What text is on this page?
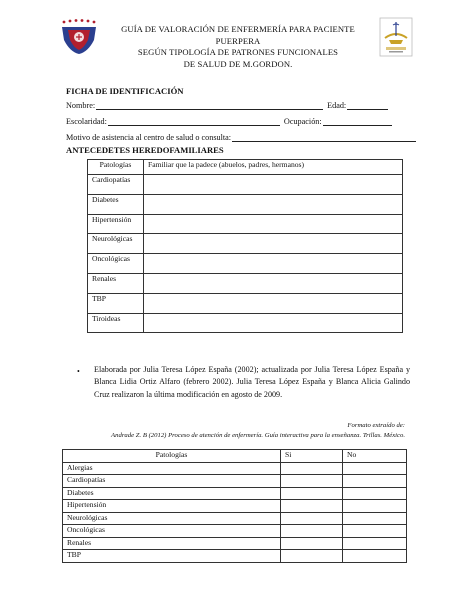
GUÍA DE VALORACIÓN DE ENFERMERÍA PARA PACIENTE PUERPERA
SEGÚN TIPOLOGÍA DE PATRONES FUNCIONALES
DE SALUD DE M.GORDON.
FICHA DE IDENTIFICACIÓN
Nombre:	Edad:
Escolaridad:	Ocupación:
Motivo de asistencia al centro de salud o consulta:
ANTECEDETES HEREDOFAMILIARES
Patologías	Familiar que la padece (abuelos, padres, hermanos)
Cardiopatías	
Diabetes	
Hipertensión	
Neurológicas	
Oncológicas	
Renales	
TBP	
Tiroideas	
• Elaborada por Julia Teresa López España (2002); actualizada por Julia Teresa López España y Blanca Lidia Ortiz Alfaro (febrero 2002). Julia Teresa López España y Blanca Alicia Galindo Cruz realizaron la última modificación en agosto de 2009.
Formato extraído de:
Andrade Z. B (2012) Proceso de atención de enfermería. Guía interactiva para la enseñanza. Trillas. México.
Patologías	Si	No
Alergias		
Cardiopatías		
Diabetes		
Hipertensión		
Neurológicas		
Oncológicas		
Renales		
TBP		
